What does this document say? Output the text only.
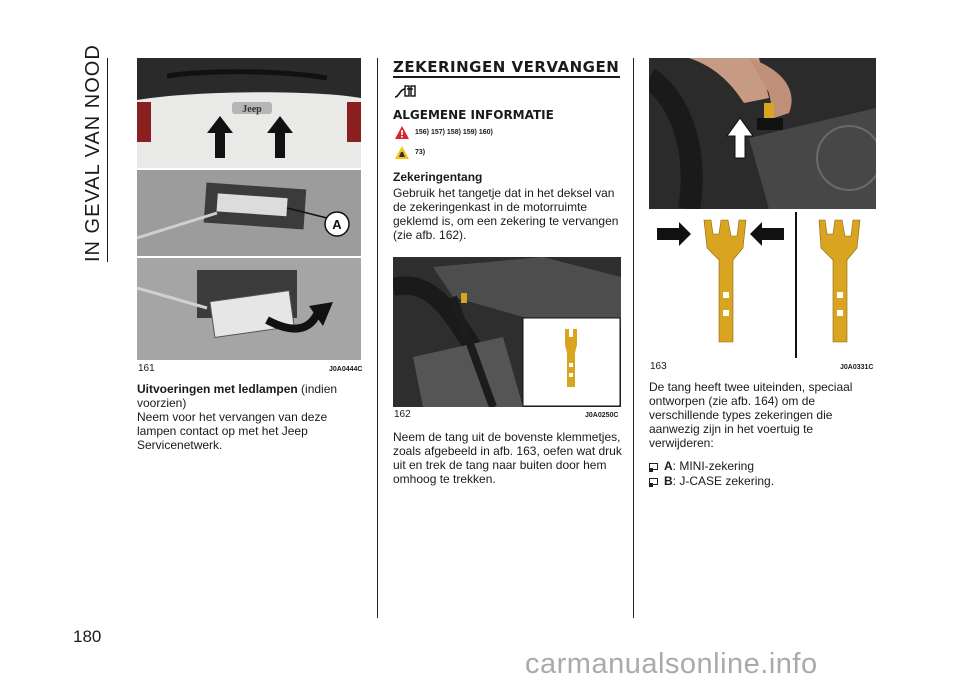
IN GEVAL VAN NOOD
180
Jeep
A
161	J0A0444C
Uitvoeringen met ledlampen (indien voorzien)
Neem voor het vervangen van deze lampen contact op met het Jeep Servicenetwerk.
ZEKERINGEN VERVANGEN
ALGEMENE INFORMATIE
156) 157) 158) 159) 160)
73)
Zekeringentang
Gebruik het tangetje dat in het deksel van de zekeringenkast in de motorruimte geklemd is, om een zekering te vervangen (zie afb. 162).
162	J0A0250C
Neem de tang uit de bovenste klemmetjes, zoals afgebeeld in afb. 163, oefen wat druk uit en trek de tang naar buiten door hem omhoog te trekken.
163	J0A0331C
De tang heeft twee uiteinden, speciaal ontworpen (zie afb. 164) om de verschillende types zekeringen die aanwezig zijn in het voertuig te verwijderen:
A : MINI-zekering
B : J-CASE zekering.
carmanualsonline.info
